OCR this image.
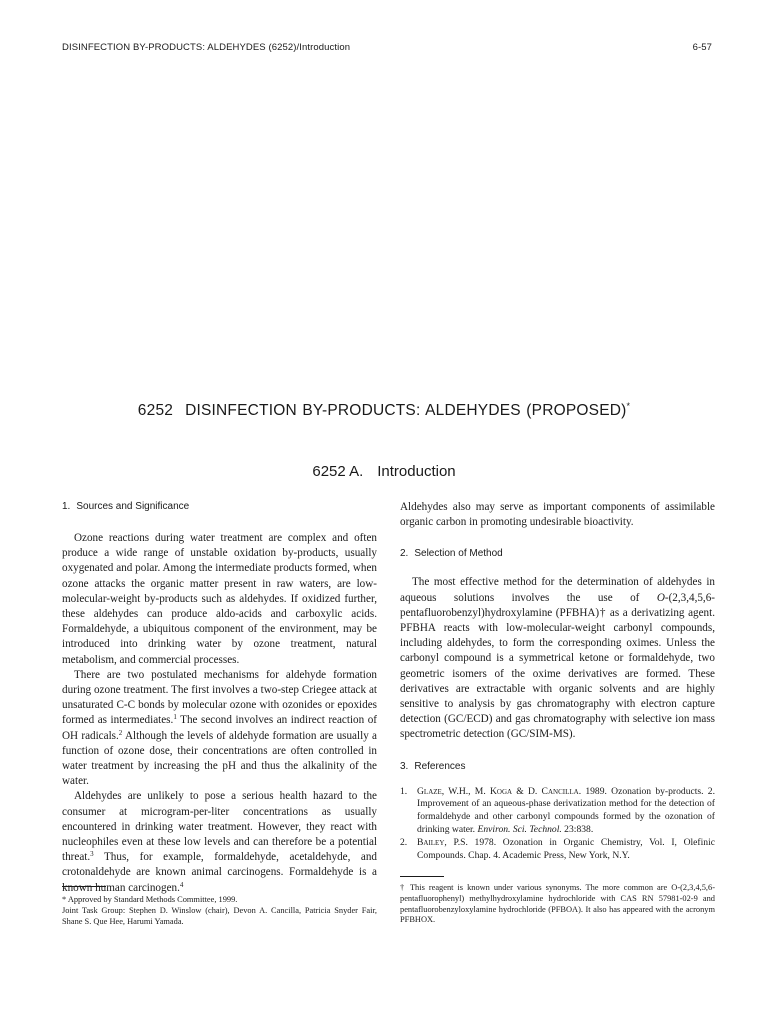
DISINFECTION BY-PRODUCTS: ALDEHYDES (6252)/Introduction	6-57
6252 DISINFECTION BY-PRODUCTS: ALDEHYDES (PROPOSED)*
6252 A. Introduction
1. Sources and Significance

Ozone reactions during water treatment are complex and often produce a wide range of unstable oxidation by-products, usually oxygenated and polar. Among the intermediate products formed, when ozone attacks the organic matter present in raw waters, are low-molecular-weight by-products such as aldehydes. If oxidized further, these aldehydes can produce aldo-acids and carboxylic acids. Formaldehyde, a ubiquitous component of the environment, may be introduced into drinking water by ozone treatment, natural metabolism, and commercial processes.

There are two postulated mechanisms for aldehyde formation during ozone treatment. The first involves a two-step Criegee attack at unsaturated C-C bonds by molecular ozone with ozonides or epoxides formed as intermediates.$^1$ The second involves an indirect reaction of OH radicals.$^2$ Although the levels of aldehyde formation are usually a function of ozone dose, their concentrations are often controlled in water treatment by increasing the pH and thus the alkalinity of the water.

Aldehydes are unlikely to pose a serious health hazard to the consumer at microgram-per-liter concentrations as usually encountered in drinking water treatment. However, they react with nucleophiles even at these low levels and can therefore be a potential threat.$^3$ Thus, for example, formaldehyde, acetaldehyde, and crotonaldehyde are known animal carcinogens. Formaldehyde is a known human carcinogen.$^4$

* Approved by Standard Methods Committee, 1999.
Joint Task Group: Stephen D. Winslow (chair), Devon A. Cancilla, Patricia Snyder Fair, Shane S. Que Hee, Harumi Yamada.

Aldehydes also may serve as important components of assimilable organic carbon in promoting undesirable bioactivity.

2. Selection of Method

The most effective method for the determination of aldehydes in aqueous solutions involves the use of O-(2,3,4,5,6-pentafluorobenzyl)hydroxylamine (PFBHA)† as a derivatizing agent. PFBHA reacts with low-molecular-weight carbonyl compounds, including aldehydes, to form the corresponding oximes. Unless the carbonyl compound is a symmetrical ketone or formaldehyde, two geometric isomers of the oxime derivatives are formed. These derivatives are extractable with organic solvents and are highly sensitive to analysis by gas chromatography with electron capture detection (GC/ECD) and gas chromatography with selective ion mass spectrometric detection (GC/SIM-MS).

3. References
1. Glaze, W.H., M. Koga & D. Cancilla. 1989. Ozonation by-products. 2. Improvement of an aqueous-phase derivatization method for the detection of formaldehyde and other carbonyl compounds formed by the ozonation of drinking water. Environ. Sci. Technol. 23:838.
2. Bailey, P.S. 1978. Ozonation in Organic Chemistry, Vol. I, Olefinic Compounds. Chap. 4. Academic Press, New York, N.Y.
† This reagent is known under various synonyms. The more common are O-(2,3,4,5,6-pentafluorophenyl) methylhydroxylamine hydrochloride with CAS RN 57981-02-9 and pentafluorobenzyloxylamine hydrochloride (PFBOA). It also has appeared with the acronym PFBHOX.
